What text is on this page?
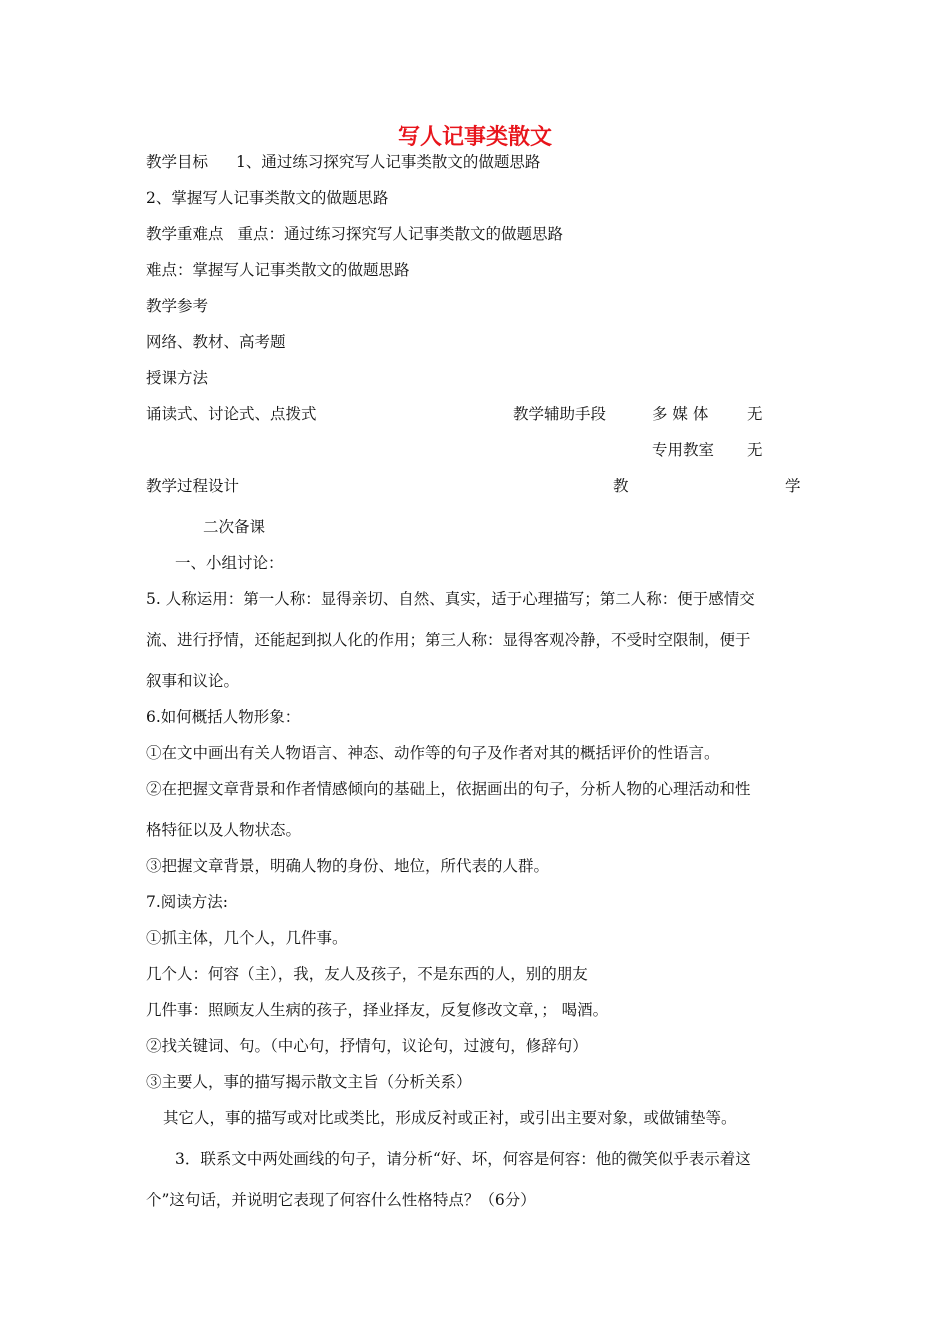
写人记事类散文
教学目标 1、通过练习探究写人记事类散文的做题思路
2、掌握写人记事类散文的做题思路
教学重难点 重点：通过练习探究写人记事类散文的做题思路
难点：掌握写人记事类散文的做题思路
教学参考
网络、教材、高考题
授课方法
诵读式、讨论式、点拨式	教学辅助手段	多 媒 体 无
专用教室 无
教学过程设计	教	学
二次备课
一、小组讨论：
5. 人称运用：第一人称：显得亲切、自然、真实，适于心理描写；第二人称：便于感情交
流、进行抒情，还能起到拟人化的作用；第三人称：显得客观冷静，不受时空限制，便于
叙事和议论。
6.如何概括人物形象：
①在文中画出有关人物语言、神态、动作等的句子及作者对其的概括评价的性语言。
②在把握文章背景和作者情感倾向的基础上，依据画出的句子，分析人物的心理活动和性
格特征以及人物状态。
③把握文章背景，明确人物的身份、地位，所代表的人群。
7.阅读方法:
①抓主体，几个人，几件事。
几个人：何容（主），我，友人及孩子，不是东西的人，别的朋友
几件事：照顾友人生病的孩子，择业择友，反复修改文章，； 喝酒。
②找关键词、句。（中心句，抒情句，议论句，过渡句，修辞句）
③主要人，事的描写揭示散文主旨（分析关系）
其它人，事的描写或对比或类比，形成反衬或正衬，或引出主要对象，或做铺垫等。
3．联系文中两处画线的句子，请分析“好、坏，何容是何容：他的微笑似乎表示着这
个”这句话，并说明它表现了何容什么性格特点？（6分）
